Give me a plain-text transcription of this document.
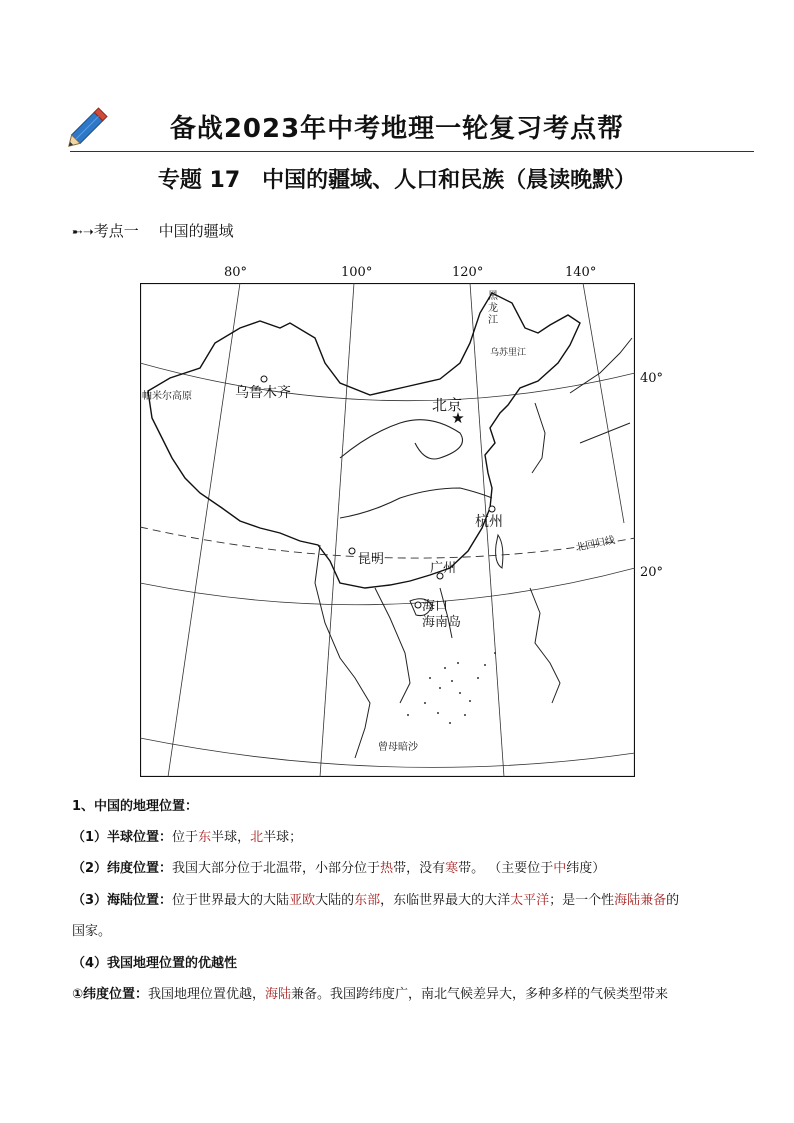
备战2023年中考地理一轮复习考点帮
专题 17　中国的疆域、人口和民族（晨读晚默）
➸➝考点一　 中国的疆域
80°	100°	120°	140°
40°
20°
★
乌鲁木齐
北京
杭州
昆明
广州
海口
海南岛
帕米尔高原
黑龙江
乌苏里江
北回归线
曾母暗沙
1、中国的地理位置：
（1）半球位置：位于东半球，北半球；
（2）纬度位置：我国大部分位于北温带，小部分位于热带，没有寒带。 （主要位于中纬度）
（3）海陆位置：位于世界最大的大陆亚欧大陆的东部，东临世界最大的大洋太平洋；是一个性海陆兼备的
国家。
（4）我国地理位置的优越性
①纬度位置：我国地理位置优越，海陆兼备。我国跨纬度广，南北气候差异大，多种多样的气候类型带来
